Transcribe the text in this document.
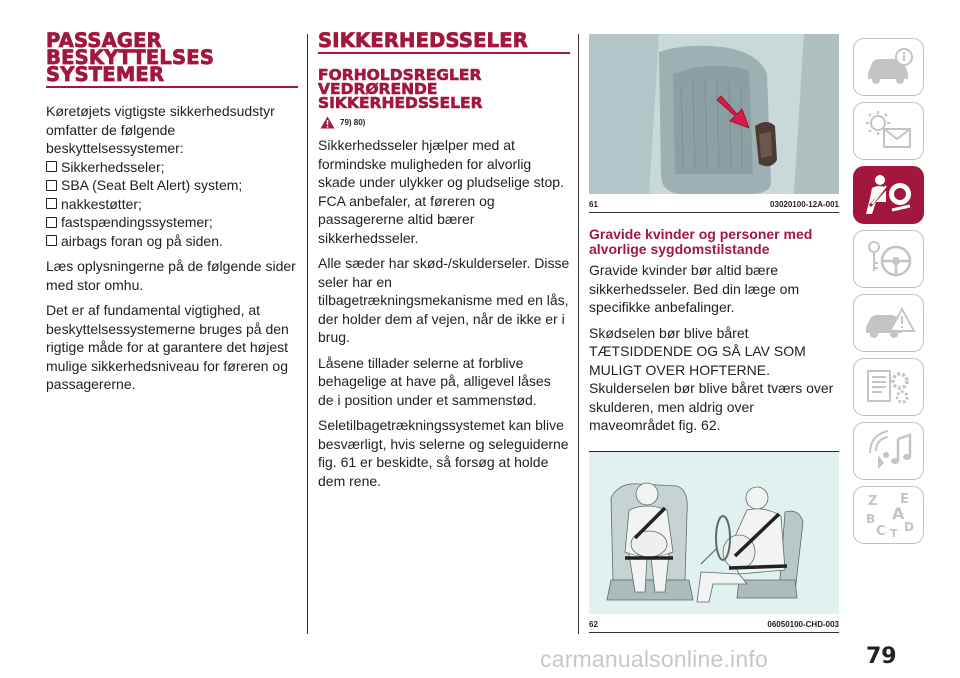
PASSAGER BESKYTTELSES SYSTEMER

Køretøjets vigtigste sikkerhedsudstyr omfatter de følgende beskyttelsessystemer:

Sikkerhedsseler;
SBA (Seat Belt Alert) system;
nakkestøtter;
fastspændingssystemer;
airbags foran og på siden.

Læs oplysningerne på de følgende sider med stor omhu.

Det er af fundamental vigtighed, at beskyttelsessystemerne bruges på den rigtige måde for at garantere det højest mulige sikkerhedsniveau for føreren og passagererne.

SIKKERHEDSSELER
FORHOLDSREGLER VEDRØRENDE SIKKERHEDSSELER
79) 80)

Sikkerhedsseler hjælper med at formindske muligheden for alvorlig skade under ulykker og pludselige stop. FCA anbefaler, at føreren og passagererne altid bærer sikkerhedsseler.

Alle sæder har skød-/skulderseler. Disse seler har en tilbagetrækningsmekanisme med en lås, der holder dem af vejen, når de ikke er i brug.

Låsene tillader selerne at forblive behagelige at have på, alligevel låses de i position under et sammenstød.

Seletilbagetrækningssystemet kan blive besværligt, hvis selerne og seleguiderne fig. 61 er beskidte, så forsøg at holde dem rene.

61	03020100-12A-001
Gravide kvinder og personer med alvorlige sygdomstilstande

Gravide kvinder bør altid bære sikkerhedsseler. Bed din læge om specifikke anbefalinger.

Skødselen bør blive båret TÆTSIDDENDE OG SÅ LAV SOM MULIGT OVER HOFTERNE. Skulderselen bør blive båret tværs over skulderen, men aldrig over maveområdet fig. 62.

62	06050100-CHD-003
Z E
A
B
C D
T
carmanualsonline.info	79
